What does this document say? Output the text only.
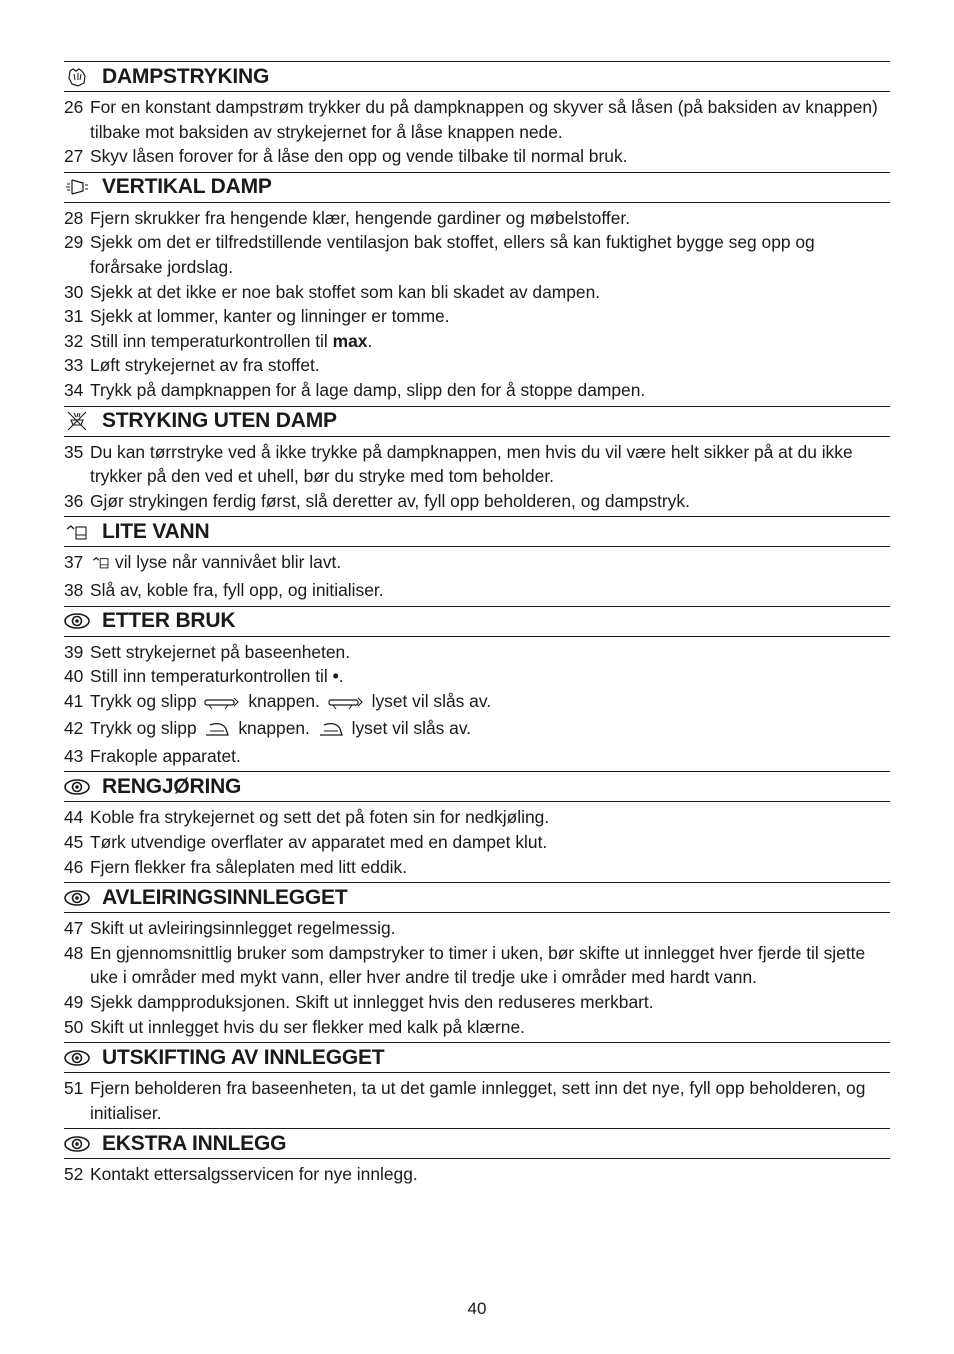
DAMPSTRYKING
26 For en konstant dampstrøm trykker du på dampknappen og skyver så låsen (på baksiden av knappen) tilbake mot baksiden av strykejernet for å låse knappen nede.
27 Skyv låsen forover for å låse den opp og vende tilbake til normal bruk.
VERTIKAL DAMP
28 Fjern skrukker fra hengende klær, hengende gardiner og møbelstoffer.
29 Sjekk om det er tilfredstillende ventilasjon bak stoffet, ellers så kan fuktighet bygge seg opp og forårsake jordslag.
30 Sjekk at det ikke er noe bak stoffet som kan bli skadet av dampen.
31 Sjekk at lommer, kanter og linninger er tomme.
32 Still inn temperaturkontrollen til max.
33 Løft strykejernet av fra stoffet.
34 Trykk på dampknappen for å lage damp, slipp den for å stoppe dampen.
STRYKING UTEN DAMP
35 Du kan tørrstryke ved å ikke trykke på dampknappen, men hvis du vil være helt sikker på at du ikke trykker på den ved et uhell, bør du stryke med tom beholder.
36 Gjør strykingen ferdig først, slå deretter av, fyll opp beholderen, og dampstryk.
LITE VANN
37	vil lyse når vannivået blir lavt.
38 Slå av, koble fra, fyll opp, og initialiser.
ETTER BRUK
39 Sett strykejernet på baseenheten.
40 Still inn temperaturkontrollen til •.
41 Trykk og slipp	knappen.	lyset vil slås av.
42 Trykk og slipp knappen. lyset vil slås av.
43 Frakople apparatet.
RENGJØRING
44 Koble fra strykejernet og sett det på foten sin for nedkjøling.
45 Tørk utvendige overflater av apparatet med en dampet klut.
46 Fjern flekker fra såleplaten med litt eddik.
AVLEIRINGSINNLEGGET
47 Skift ut avleiringsinnlegget regelmessig.
48 En gjennomsnittlig bruker som dampstryker to timer i uken, bør skifte ut innlegget hver fjerde til sjette uke i områder med mykt vann, eller hver andre til tredje uke i områder med hardt vann.
49 Sjekk dampproduksjonen. Skift ut innlegget hvis den reduseres merkbart.
50 Skift ut innlegget hvis du ser flekker med kalk på klærne.
UTSKIFTING AV INNLEGGET
51 Fjern beholderen fra baseenheten, ta ut det gamle innlegget, sett inn det nye, fyll opp beholderen, og initialiser.
EKSTRA INNLEGG
52 Kontakt ettersalgsservicen for nye innlegg.
40
